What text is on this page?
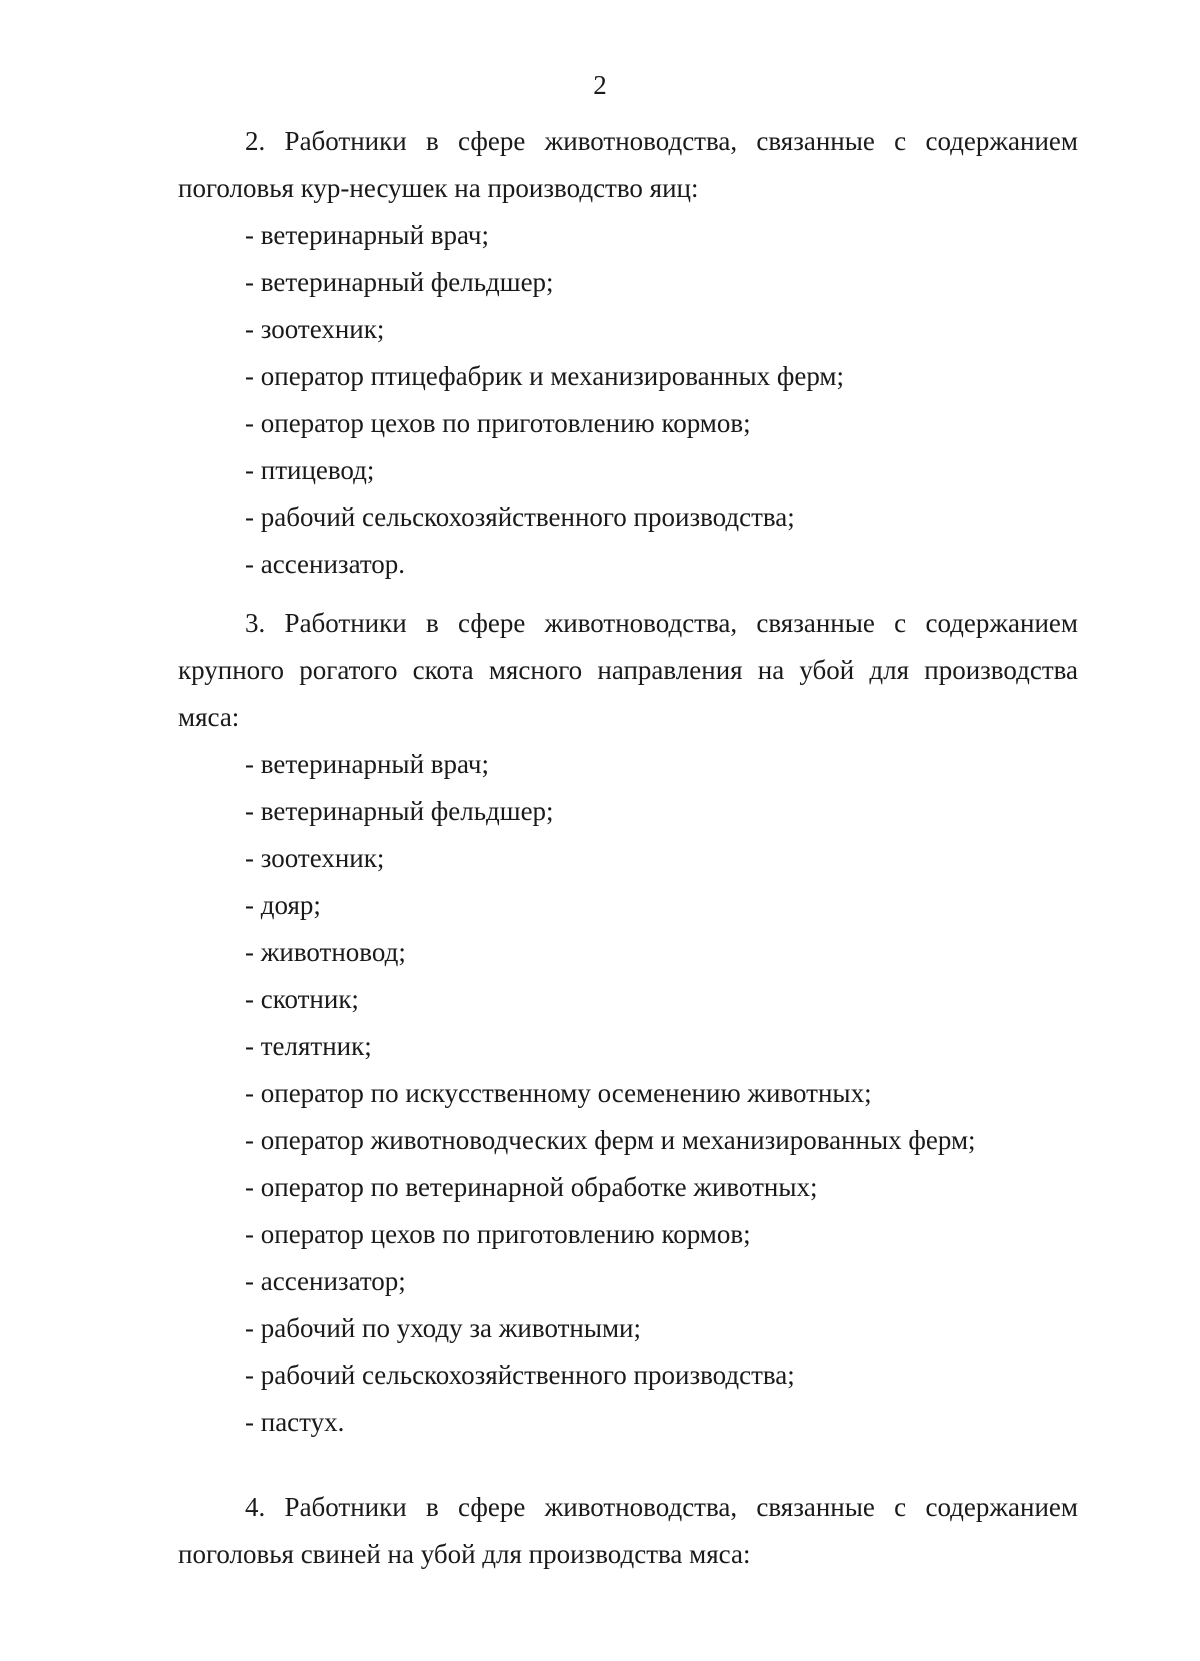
2

2. Работники в сфере животноводства, связанные с содержанием поголовья кур-несушек на производство яиц:

- ветеринарный врач;
- ветеринарный фельдшер;
- зоотехник;
- оператор птицефабрик и механизированных ферм;
- оператор цехов по приготовлению кормов;
- птицевод;
- рабочий сельскохозяйственного производства;
- ассенизатор.

3. Работники в сфере животноводства, связанные с содержанием крупного рогатого скота мясного направления на убой для производства мяса:

- ветеринарный врач;
- ветеринарный фельдшер;
- зоотехник;
- дояр;
- животновод;
- скотник;
- телятник;
- оператор по искусственному осеменению животных;
- оператор животноводческих ферм и механизированных ферм;
- оператор по ветеринарной обработке животных;
- оператор цехов по приготовлению кормов;
- ассенизатор;
- рабочий по уходу за животными;
- рабочий сельскохозяйственного производства;
- пастух.

4. Работники в сфере животноводства, связанные с содержанием поголовья свиней на убой для производства мяса:
